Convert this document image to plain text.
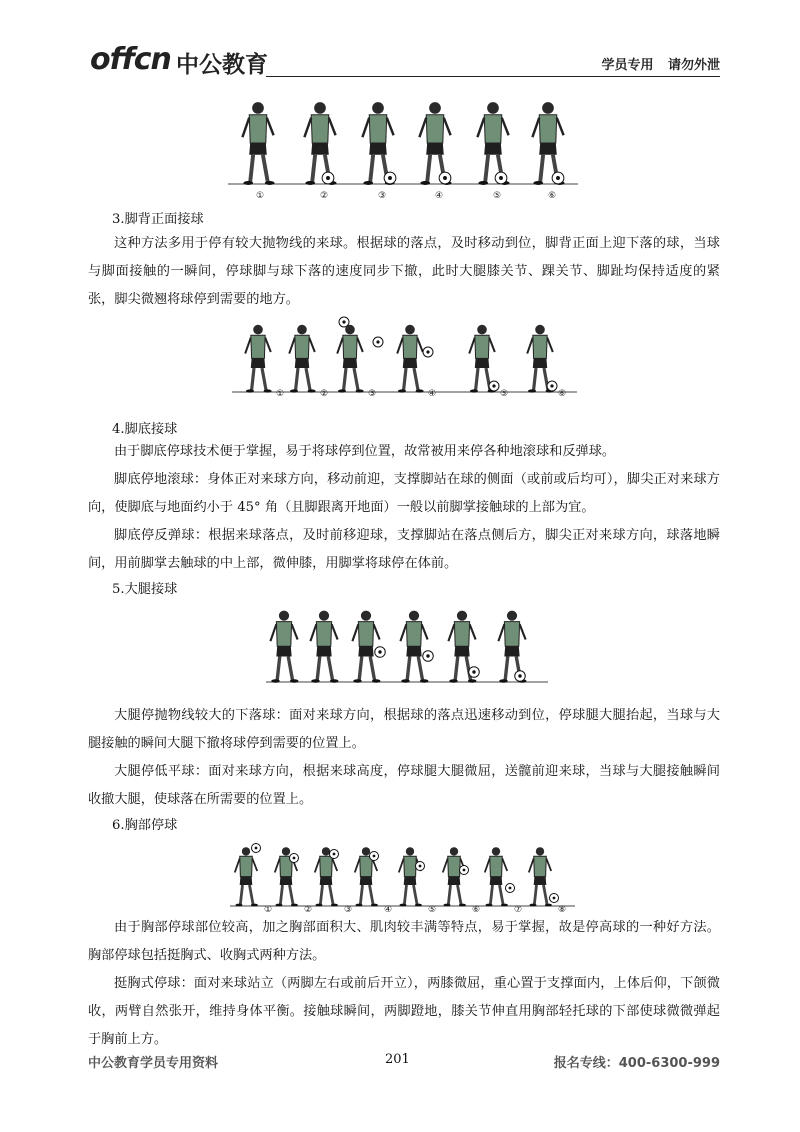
offcn 中公教育	学员专用 请勿外泄
①	②	③	④	⑤	⑥
3.脚背正面接球

这种方法多用于停有较大抛物线的来球。根据球的落点，及时移动到位，脚背正面上迎下落的球，当球与脚面接触的一瞬间，停球脚与球下落的速度同步下撤，此时大腿膝关节、踝关节、脚趾均保持适度的紧张，脚尖微翘将球停到需要的地方。

①	②	③	④	⑤	⑥
4.脚底接球

由于脚底停球技术便于掌握，易于将球停到位置，故常被用来停各种地滚球和反弹球。

脚底停地滚球：身体正对来球方向，移动前迎，支撑脚站在球的侧面（或前或后均可），脚尖正对来球方向，使脚底与地面约小于 45° 角（且脚跟离开地面）一般以前脚掌接触球的上部为宜。

脚底停反弹球：根据来球落点，及时前移迎球，支撑脚站在落点侧后方，脚尖正对来球方向，球落地瞬间，用前脚掌去触球的中上部，微伸膝，用脚掌将球停在体前。

5.大腿接球

大腿停抛物线较大的下落球：面对来球方向，根据球的落点迅速移动到位，停球腿大腿抬起，当球与大腿接触的瞬间大腿下撤将球停到需要的位置上。

大腿停低平球：面对来球方向，根据来球高度，停球腿大腿微屈，送髋前迎来球，当球与大腿接触瞬间收撤大腿，使球落在所需要的位置上。

6.胸部停球
①	②	③	④	⑤	⑥	⑦	⑧

由于胸部停球部位较高，加之胸部面积大、肌肉较丰满等特点，易于掌握，故是停高球的一种好方法。胸部停球包括挺胸式、收胸式两种方法。

挺胸式停球：面对来球站立（两脚左右或前后开立），两膝微屈，重心置于支撑面内，上体后仰，下颌微收，两臂自然张开，维持身体平衡。接触球瞬间，两脚蹬地，膝关节伸直用胸部轻托球的下部使球微微弹起于胸前上方。

中公教育学员专用资料	201	报名专线：400-6300-999
